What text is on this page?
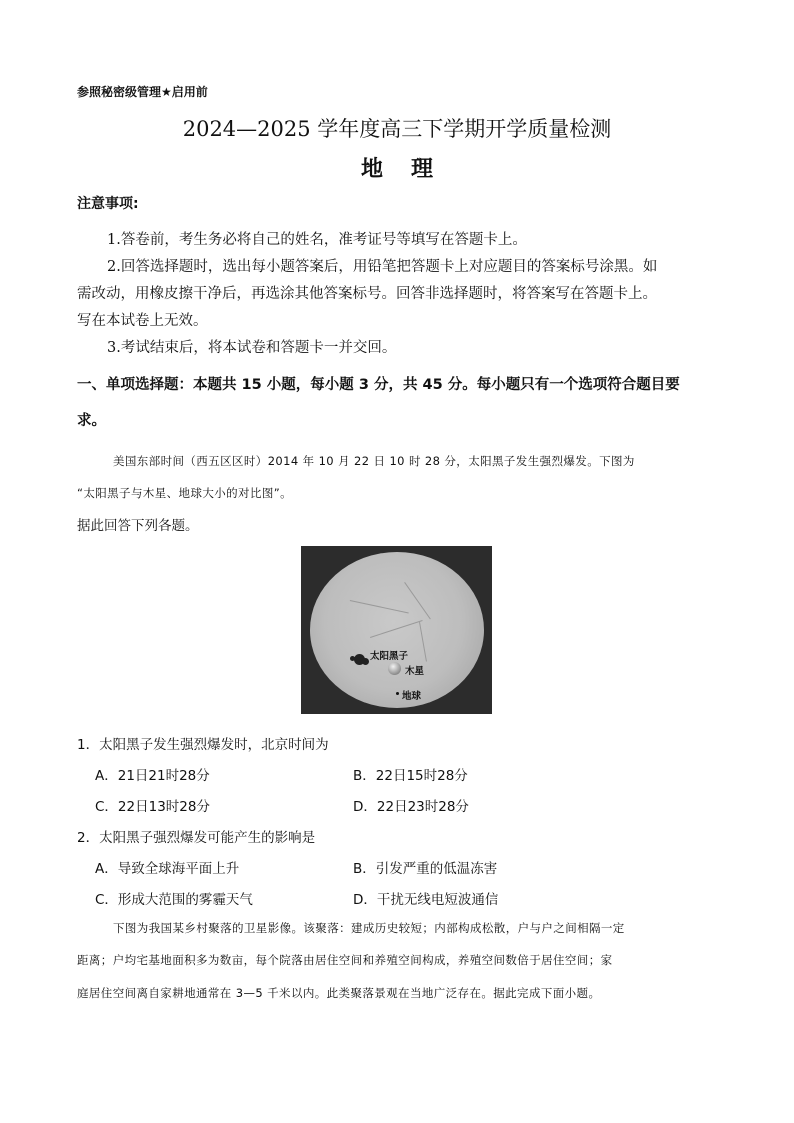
参照秘密级管理★启用前
2024—2025 学年度高三下学期开学质量检测
地理
注意事项:
1.答卷前，考生务必将自己的姓名，准考证号等填写在答题卡上。
2.回答选择题时，选出每小题答案后，用铅笔把答题卡上对应题目的答案标号涂黑。如
需改动，用橡皮擦干净后，再选涂其他答案标号。回答非选择题时，将答案写在答题卡上。
写在本试卷上无效。
3.考试结束后，将本试卷和答题卡一并交回。
一、单项选择题：本题共 15 小题，每小题 3 分，共 45 分。每小题只有一个选项符合题目要
求。
美国东部时间（西五区区时）2014 年 10 月 22 日 10 时 28 分，太阳黑子发生强烈爆发。下图为
“太阳黑子与木星、地球大小的对比图”。
据此回答下列各题。
太阳黑子
木星
地球
1．太阳黑子发生强烈爆发时，北京时间为
A．21日21时28分	B．22日15时28分
C．22日13时28分	D．22日23时28分
2．太阳黑子强烈爆发可能产生的影响是
A．导致全球海平面上升	B．引发严重的低温冻害
C．形成大范围的雾霾天气	D．干扰无线电短波通信
下图为我国某乡村聚落的卫星影像。该聚落：建成历史较短；内部构成松散，户与户之间相隔一定
距离；户均宅基地面积多为数亩，每个院落由居住空间和养殖空间构成，养殖空间数倍于居住空间；家
庭居住空间离自家耕地通常在 3—5 千米以内。此类聚落景观在当地广泛存在。据此完成下面小题。
